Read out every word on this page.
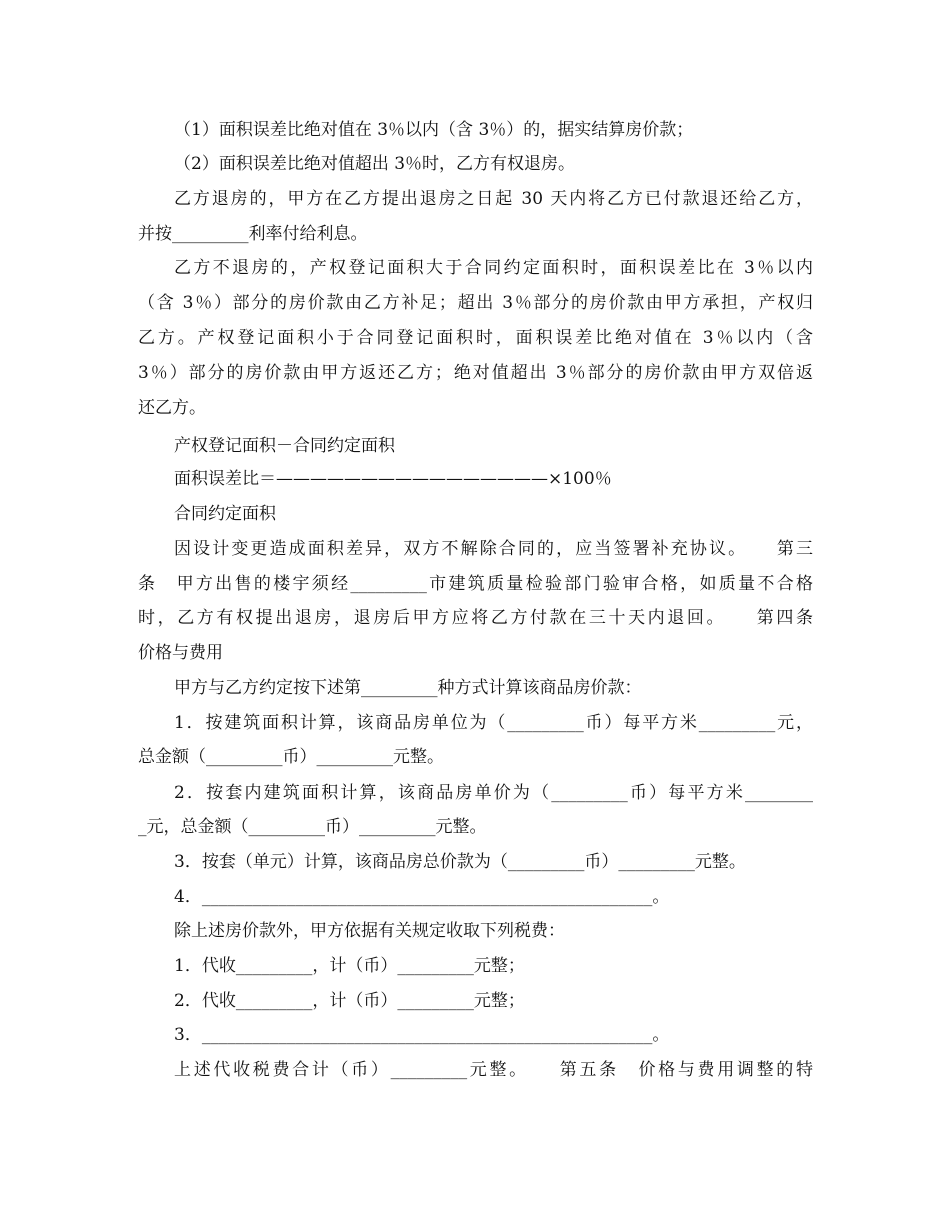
（1）面积误差比绝对值在 3％以内（含 3％）的，据实结算房价款；
（2）面积误差比绝对值超出 3％时，乙方有权退房。
乙方退房的，甲方在乙方提出退房之日起 30 天内将乙方已付款退还给乙方，
并按_________利率付给利息。
乙方不退房的，产权登记面积大于合同约定面积时，面积误差比在 3％以内
（含 3％）部分的房价款由乙方补足；超出 3％部分的房价款由甲方承担，产权归
乙方。产权登记面积小于合同登记面积时，面积误差比绝对值在 3％以内（含
3％）部分的房价款由甲方返还乙方；绝对值超出 3％部分的房价款由甲方双倍返
还乙方。
产权登记面积－合同约定面积
面积误差比＝————————————————×100％
合同约定面积
因设计变更造成面积差异，双方不解除合同的，应当签署补充协议。　　第三
条　甲方出售的楼宇须经_________市建筑质量检验部门验审合格，如质量不合格
时，乙方有权提出退房，退房后甲方应将乙方付款在三十天内退回。　　第四条
价格与费用
甲方与乙方约定按下述第_________种方式计算该商品房价款：
1．按建筑面积计算，该商品房单位为（_________币）每平方米_________元，
总金额（_________币）_________元整。
2．按套内建筑面积计算，该商品房单价为（_________币）每平方米________
_元，总金额（_________币）_________元整。
3．按套（单元）计算，该商品房总价款为（_________币）_________元整。
4．_____________________________________________________。
除上述房价款外，甲方依据有关规定收取下列税费：
1．代收_________，计（币）_________元整；
2．代收_________，计（币）_________元整；
3．_____________________________________________________。
上述代收税费合计（币）_________元整。　　第五条　价格与费用调整的特
